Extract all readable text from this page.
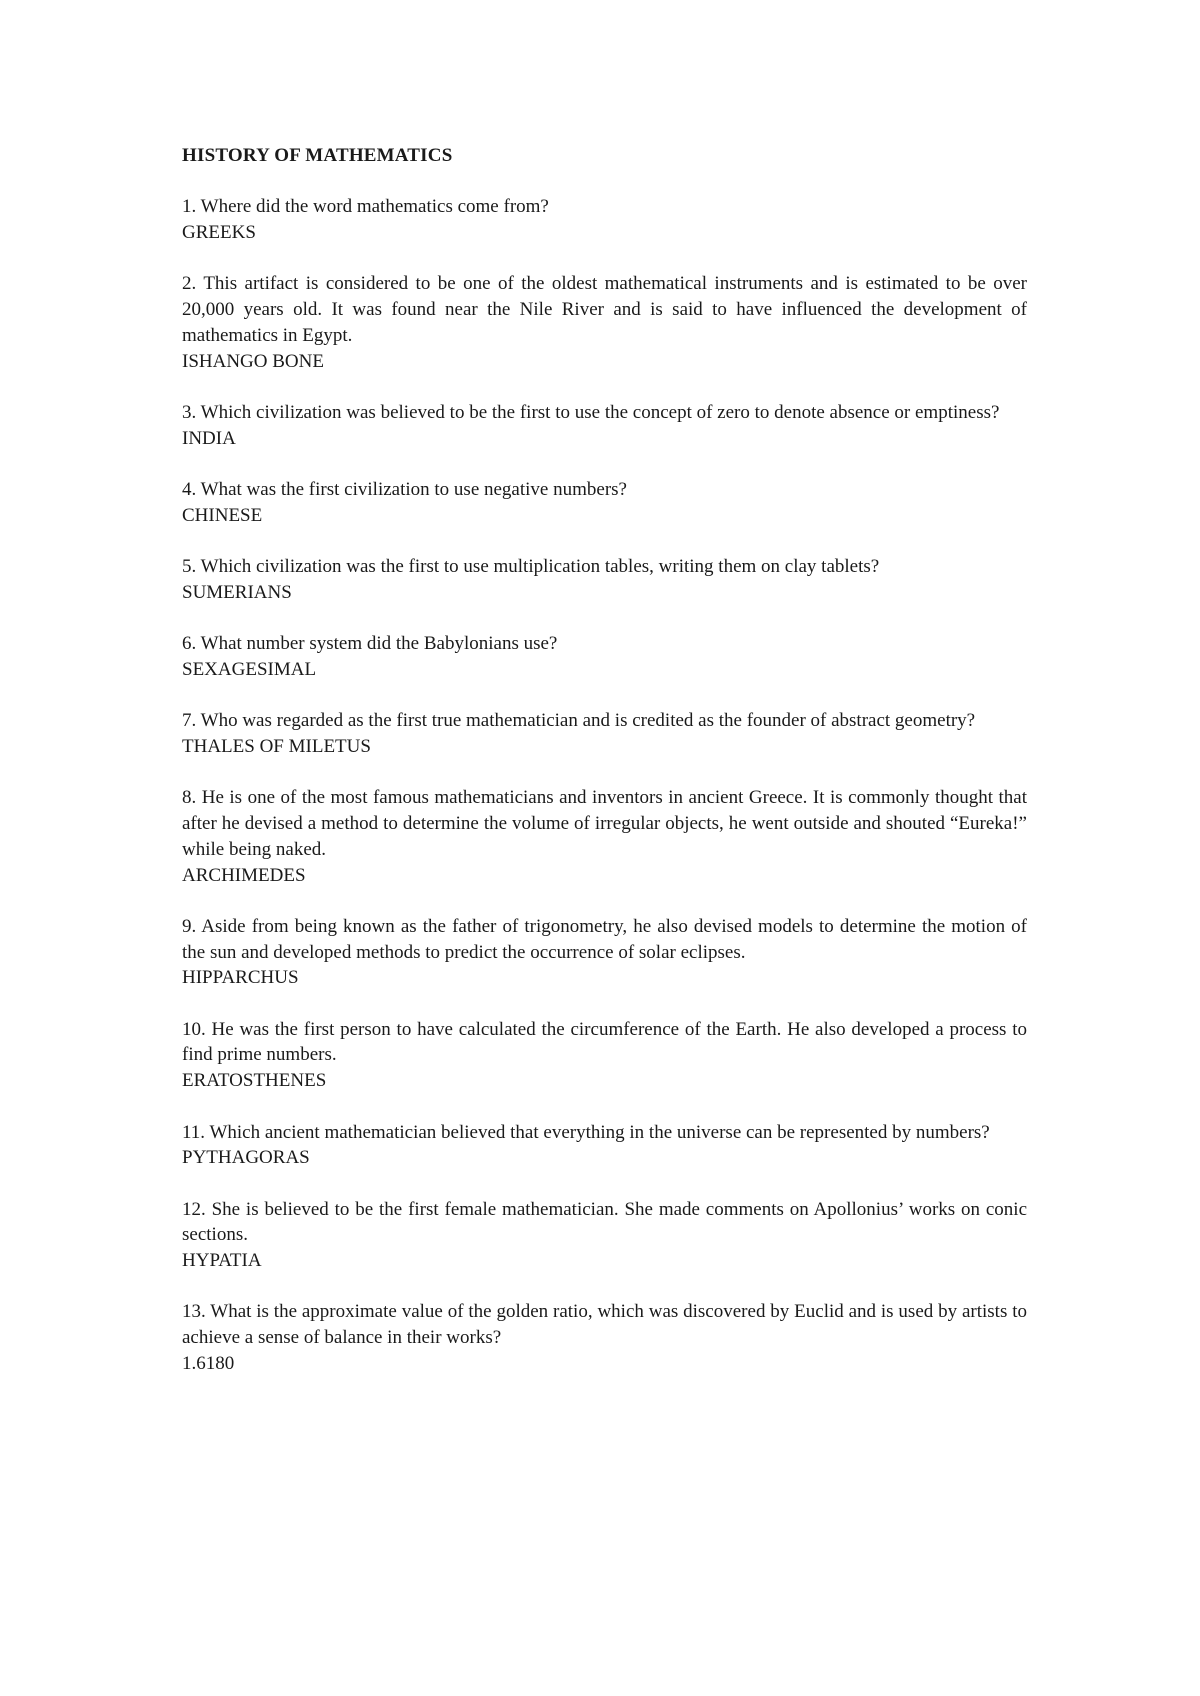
HISTORY OF MATHEMATICS

1. Where did the word mathematics come from?

GREEKS

2. This artifact is considered to be one of the oldest mathematical instruments and is estimated to be over 20,000 years old. It was found near the Nile River and is said to have influenced the development of mathematics in Egypt.

ISHANGO BONE

3. Which civilization was believed to be the first to use the concept of zero to denote absence or emptiness?

INDIA

4. What was the first civilization to use negative numbers?

CHINESE

5. Which civilization was the first to use multiplication tables, writing them on clay tablets?

SUMERIANS

6. What number system did the Babylonians use?

SEXAGESIMAL

7. Who was regarded as the first true mathematician and is credited as the founder of abstract geometry?

THALES OF MILETUS

8. He is one of the most famous mathematicians and inventors in ancient Greece. It is commonly thought that after he devised a method to determine the volume of irregular objects, he went outside and shouted “Eureka!” while being naked.

ARCHIMEDES

9. Aside from being known as the father of trigonometry, he also devised models to determine the motion of the sun and developed methods to predict the occurrence of solar eclipses.

HIPPARCHUS

10. He was the first person to have calculated the circumference of the Earth. He also developed a process to find prime numbers.

ERATOSTHENES

11. Which ancient mathematician believed that everything in the universe can be represented by numbers?

PYTHAGORAS

12. She is believed to be the first female mathematician. She made comments on Apollonius’ works on conic sections.

HYPATIA

13. What is the approximate value of the golden ratio, which was discovered by Euclid and is used by artists to achieve a sense of balance in their works?

1.6180
